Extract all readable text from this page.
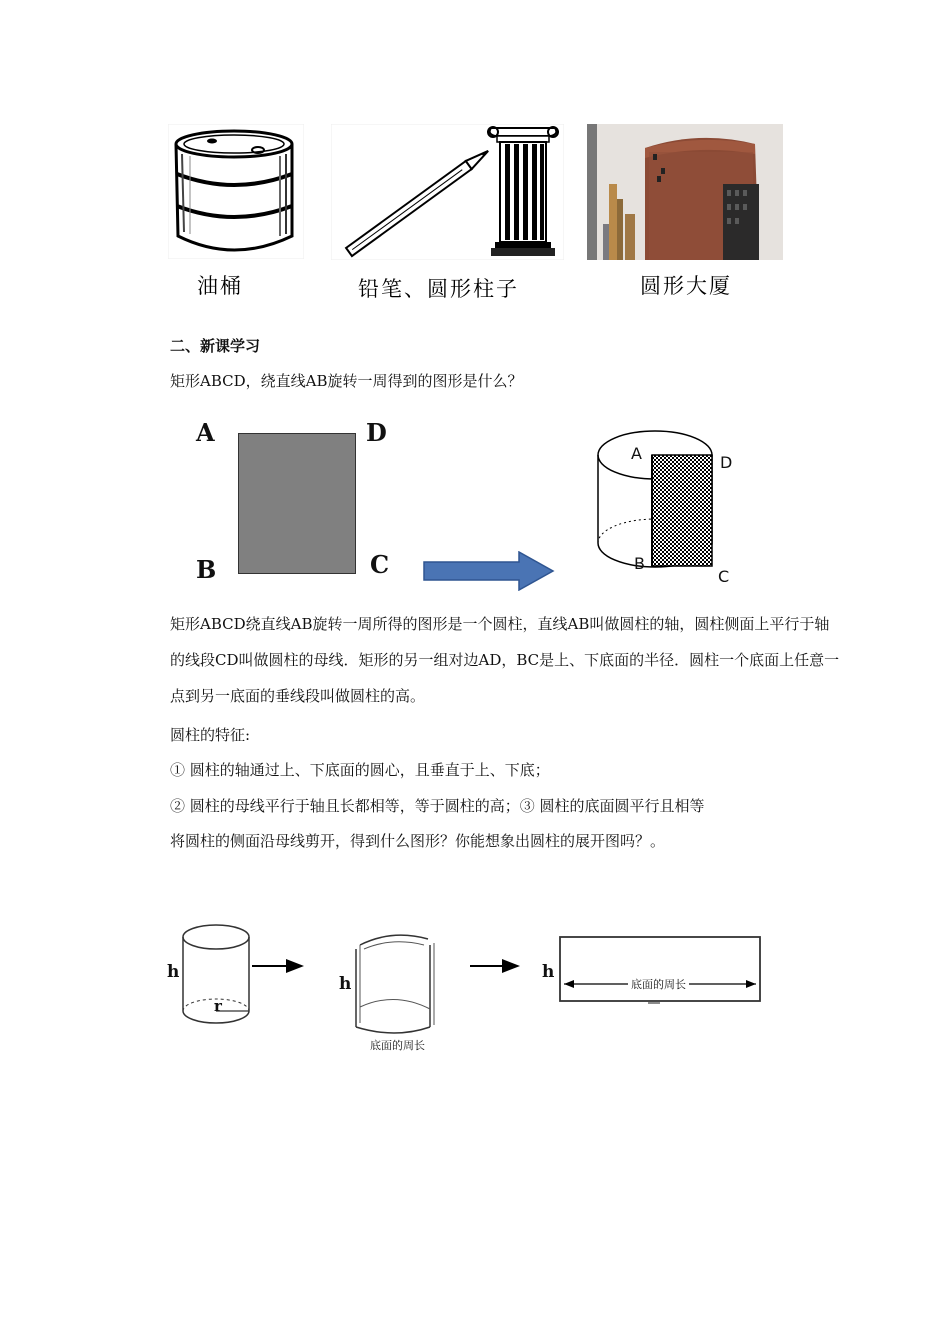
油桶	铅笔、圆形柱子	圆形大厦
二、新课学习
矩形ABCD，绕直线AB旋转一周得到的图形是什么？
A	D
B	C
A	D
B
C
矩形ABCD绕直线AB旋转一周所得的图形是一个圆柱，直线AB叫做圆柱的轴，圆柱侧面上平行于轴的线段CD叫做圆柱的母线．矩形的另一组对边AD，BC是上、下底面的半径．圆柱一个底面上任意一点到另一底面的垂线段叫做圆柱的高。
圆柱的特征:
① 圆柱的轴通过上、下底面的圆心，且垂直于上、下底；
② 圆柱的母线平行于轴且长都相等，等于圆柱的高；③ 圆柱的底面圆平行且相等
将圆柱的侧面沿母线剪开，得到什么图形？你能想象出圆柱的展开图吗？。
h
r
h
h
底面的周长
底面的周长
